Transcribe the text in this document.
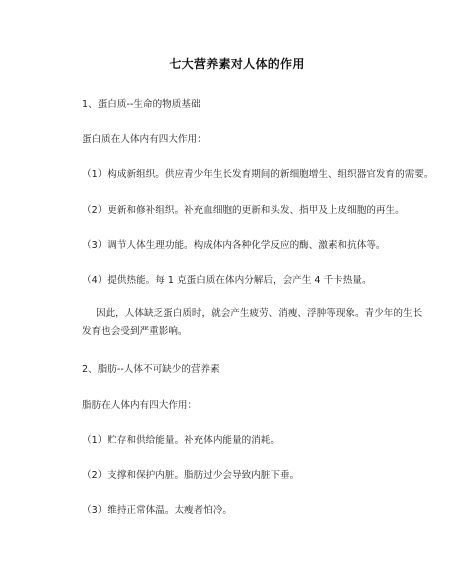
七大营养素对人体的作用
1、蛋白质--生命的物质基础
蛋白质在人体内有四大作用：
（1）构成新组织。供应青少年生长发育期间的新细胞增生、组织器官发育的需要。
（2）更新和修补组织。补充血细胞的更新和头发、指甲及上皮细胞的再生。
（3）调节人体生理功能。构成体内各种化学反应的酶、激素和抗体等。
（4）提供热能。每 1 克蛋白质在体内分解后，会产生 4 千卡热量。
因此，人体缺乏蛋白质时，就会产生疲劳、消瘦、浮肿等现象。青少年的生长发育也会受到严重影响。
2、脂肪--人体不可缺少的营养素
脂肪在人体内有四大作用：
（1）贮存和供给能量。补充体内能量的消耗。
（2）支撑和保护内脏。脂肪过少会导致内脏下垂。
（3）维持正常体温。太瘦者怕冷。
